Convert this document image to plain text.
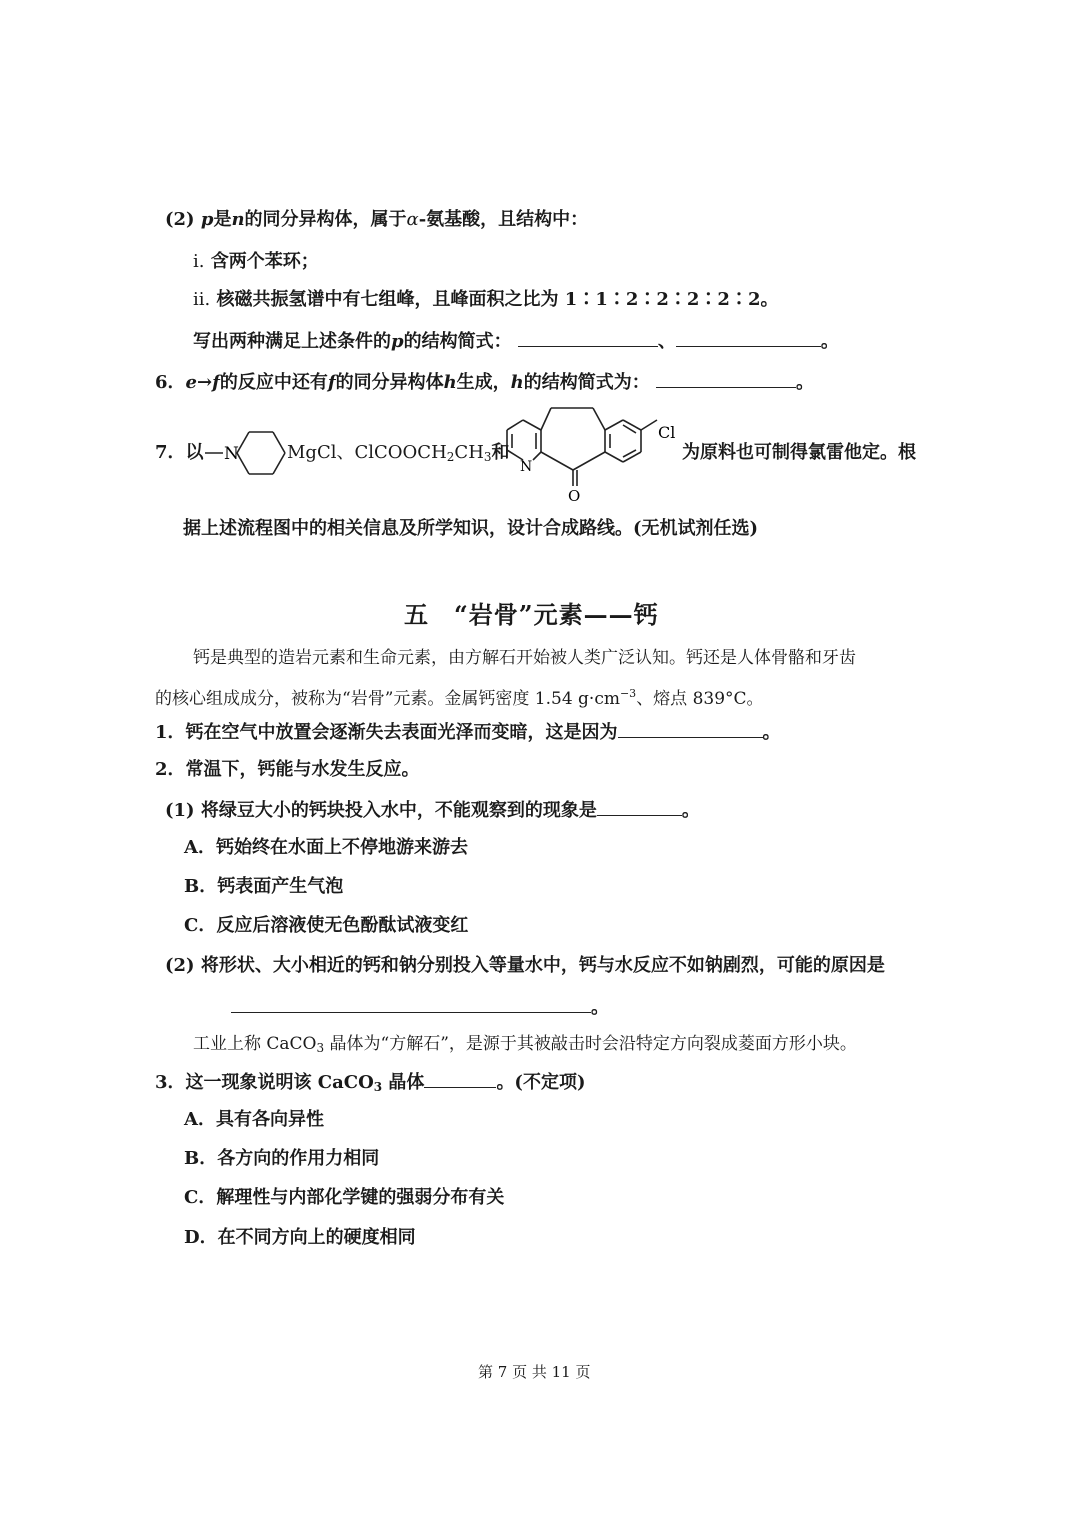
(2) p是n的同分异构体，属于α-氨基酸，且结构中：
i. 含两个苯环；
ii. 核磁共振氢谱中有七组峰，且峰面积之比为 1∶1∶2∶2∶2∶2∶2。
写出两种满足上述条件的p的结构简式：	、	。
6．e→f的反应中还有f的同分异构体h生成，h的结构简式为：	。
7．以 N	MgCl、$ClCOOCH_2CH_3$和
Cl
N
O
为原料也可制得氯雷他定。根
据上述流程图中的相关信息及所学知识，设计合成路线。(无机试剂任选)
五　“岩骨”元素——钙
钙是典型的造岩元素和生命元素，由方解石开始被人类广泛认知。钙还是人体骨骼和牙齿
的核心组成成分，被称为“岩骨”元素。金属钙密度 1.54 $g\cdot cm^{-3}$、熔点 839°C。
1．钙在空气中放置会逐渐失去表面光泽而变暗，这是因为	。
2．常温下，钙能与水发生反应。
(1) 将绿豆大小的钙块投入水中，不能观察到的现象是	。
A．钙始终在水面上不停地游来游去
B．钙表面产生气泡
C．反应后溶液使无色酚酞试液变红
(2) 将形状、大小相近的钙和钠分别投入等量水中，钙与水反应不如钠剧烈，可能的原因是
。
工业上称 CaCO$_3$ 晶体为“方解石”，是源于其被敲击时会沿特定方向裂成菱面方形小块。
3．这一现象说明该 CaCO$_3$ 晶体	。(不定项)
A．具有各向异性
B．各方向的作用力相同
C．解理性与内部化学键的强弱分布有关
D．在不同方向上的硬度相同
第 7 页 共 11 页
